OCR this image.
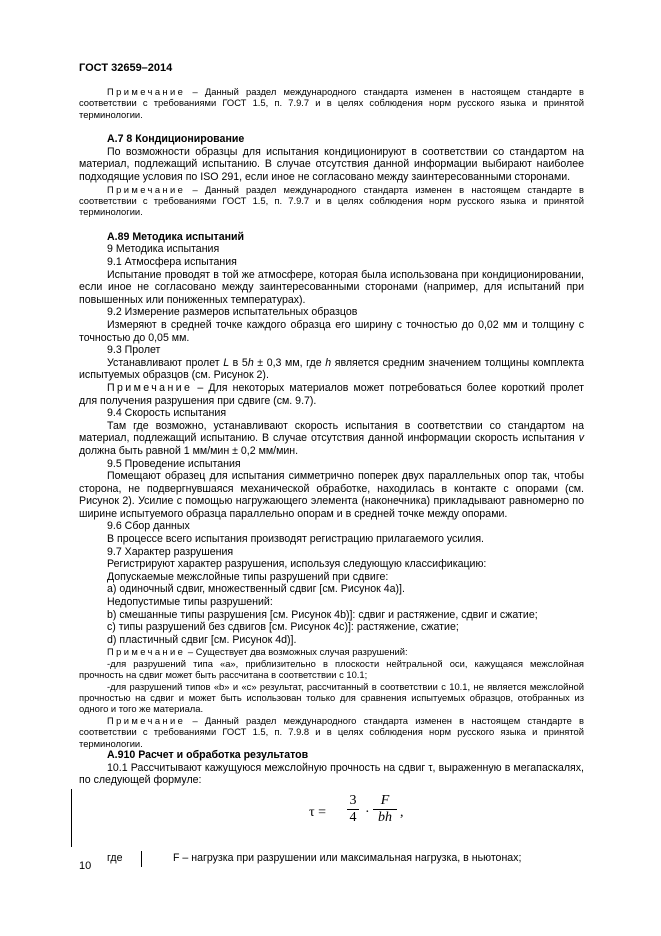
ГОСТ 32659–2014

Примечание – Данный раздел международного стандарта изменен в настоящем стандарте в соответствии с требованиями ГОСТ 1.5, п. 7.9.7 и в целях соблюдения норм русского языка и принятой терминологии.

А.7 8 Кондиционирование

По возможности образцы для испытания кондиционируют в соответствии со стандартом на материал, подлежащий испытанию. В случае отсутствия данной информации выбирают наиболее подходящие условия по ISO 291, если иное не согласовано между заинтересованными сторонами.

Примечание – Данный раздел международного стандарта изменен в настоящем стандарте в соответствии с требованиями ГОСТ 1.5, п. 7.9.7 и в целях соблюдения норм русского языка и принятой терминологии.

А.89 Методика испытаний

9 Методика испытания

9.1 Атмосфера испытания

Испытание проводят в той же атмосфере, которая была использована при кондиционировании, если иное не согласовано между заинтересованными сторонами (например, для испытаний при повышенных или пониженных температурах).

9.2 Измерение размеров испытательных образцов

Измеряют в средней точке каждого образца его ширину с точностью до 0,02 мм и толщину с точностью до 0,05 мм.

9.3 Пролет

Устанавливают пролет L в 5h ± 0,3 мм, где h является средним значением толщины комплекта испытуемых образцов (см. Рисунок 2).

Примечание – Для некоторых материалов может потребоваться более короткий пролет для получения разрушения при сдвиге (см. 9.7).

9.4 Скорость испытания

Там где возможно, устанавливают скорость испытания в соответствии со стандартом на материал, подлежащий испытанию. В случае отсутствия данной информации скорость испытания v должна быть равной 1 мм/мин ± 0,2 мм/мин.

9.5 Проведение испытания

Помещают образец для испытания симметрично поперек двух параллельных опор так, чтобы сторона, не подвергнувшаяся механической обработке, находилась в контакте с опорами (см. Рисунок 2). Усилие с помощью нагружающего элемента (наконечника) прикладывают равномерно по ширине испытуемого образца параллельно опорам и в средней точке между опорами.

9.6 Сбор данных

В процессе всего испытания производят регистрацию прилагаемого усилия.

9.7 Характер разрушения

Регистрируют характер разрушения, используя следующую классификацию:

Допускаемые межслойные типы разрушений при сдвиге:

а) одиночный сдвиг, множественный сдвиг [см. Рисунок 4а)].

Недопустимые типы разрушений:

b) смешанные типы разрушения [см. Рисунок 4b)]: сдвиг и растяжение, сдвиг и сжатие;

с) типы разрушений без сдвигов [см. Рисунок 4с)]: растяжение, сжатие;

d) пластичный сдвиг [см. Рисунок 4d)].

Примечание – Существует два возможных случая разрушений:

-для разрушений типа «а», приблизительно в плоскости нейтральной оси, кажущаяся межслойная прочность на сдвиг может быть рассчитана в соответствии с 10.1;

-для разрушений типов «b» и «с» результат, рассчитанный в соответствии с 10.1, не является межслойной прочностью на сдвиг и может быть использован только для сравнения испытуемых образцов, отобранных из одного и того же материала.

Примечание – Данный раздел международного стандарта изменен в настоящем стандарте в соответствии с требованиями ГОСТ 1.5, п. 7.9.8 и в целях соблюдения норм русского языка и принятой терминологии.

А.910 Расчет и обработка результатов

10.1 Рассчитывают кажущуюся межслойную прочность на сдвиг τ, выраженную в мегапаскалях, по следующей формуле:

τ =
3
4 ·
F
bh ,
где	F – нагрузка при разрушении или максимальная нагрузка, в ньютонах;
10
